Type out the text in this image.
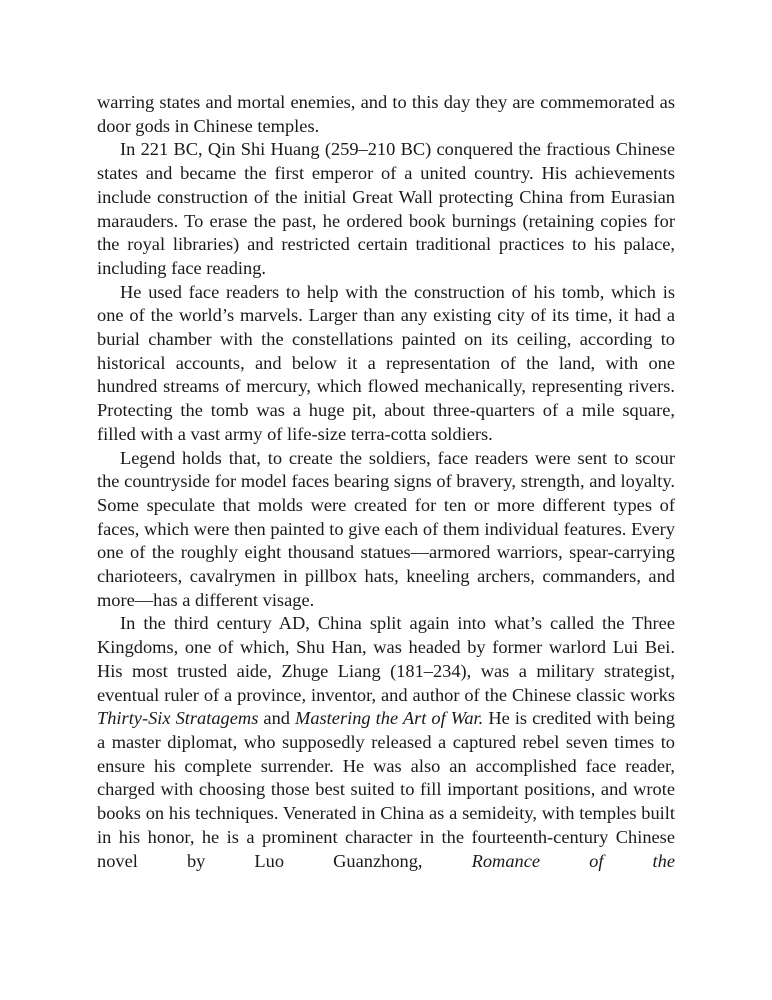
warring states and mortal enemies, and to this day they are commemorated as door gods in Chinese temples.

In 221 BC, Qin Shi Huang (259–210 BC) conquered the fractious Chinese states and became the first emperor of a united country. His achievements include construction of the initial Great Wall protecting China from Eurasian marauders. To erase the past, he ordered book burnings (retaining copies for the royal libraries) and restricted certain traditional practices to his palace, including face reading.

He used face readers to help with the construction of his tomb, which is one of the world’s marvels. Larger than any existing city of its time, it had a burial chamber with the constellations painted on its ceiling, according to historical accounts, and below it a representation of the land, with one hundred streams of mercury, which flowed mechanically, representing rivers. Protecting the tomb was a huge pit, about three-quarters of a mile square, filled with a vast army of life-size terra-cotta soldiers.

Legend holds that, to create the soldiers, face readers were sent to scour the countryside for model faces bearing signs of bravery, strength, and loyalty. Some speculate that molds were created for ten or more different types of faces, which were then painted to give each of them individual features. Every one of the roughly eight thousand statues—armored warriors, spear-carrying charioteers, cavalrymen in pillbox hats, kneeling archers, commanders, and more—has a different visage.

In the third century AD, China split again into what’s called the Three Kingdoms, one of which, Shu Han, was headed by former warlord Lui Bei. His most trusted aide, Zhuge Liang (181–234), was a military strategist, eventual ruler of a province, inventor, and author of the Chinese classic works Thirty-Six Stratagems and Mastering the Art of War. He is credited with being a master diplomat, who supposedly released a captured rebel seven times to ensure his complete surrender. He was also an accomplished face reader, charged with choosing those best suited to fill important positions, and wrote books on his techniques. Venerated in China as a semideity, with temples built in his honor, he is a prominent character in the fourteenth-century Chinese novel by Luo Guanzhong, Romance of the
